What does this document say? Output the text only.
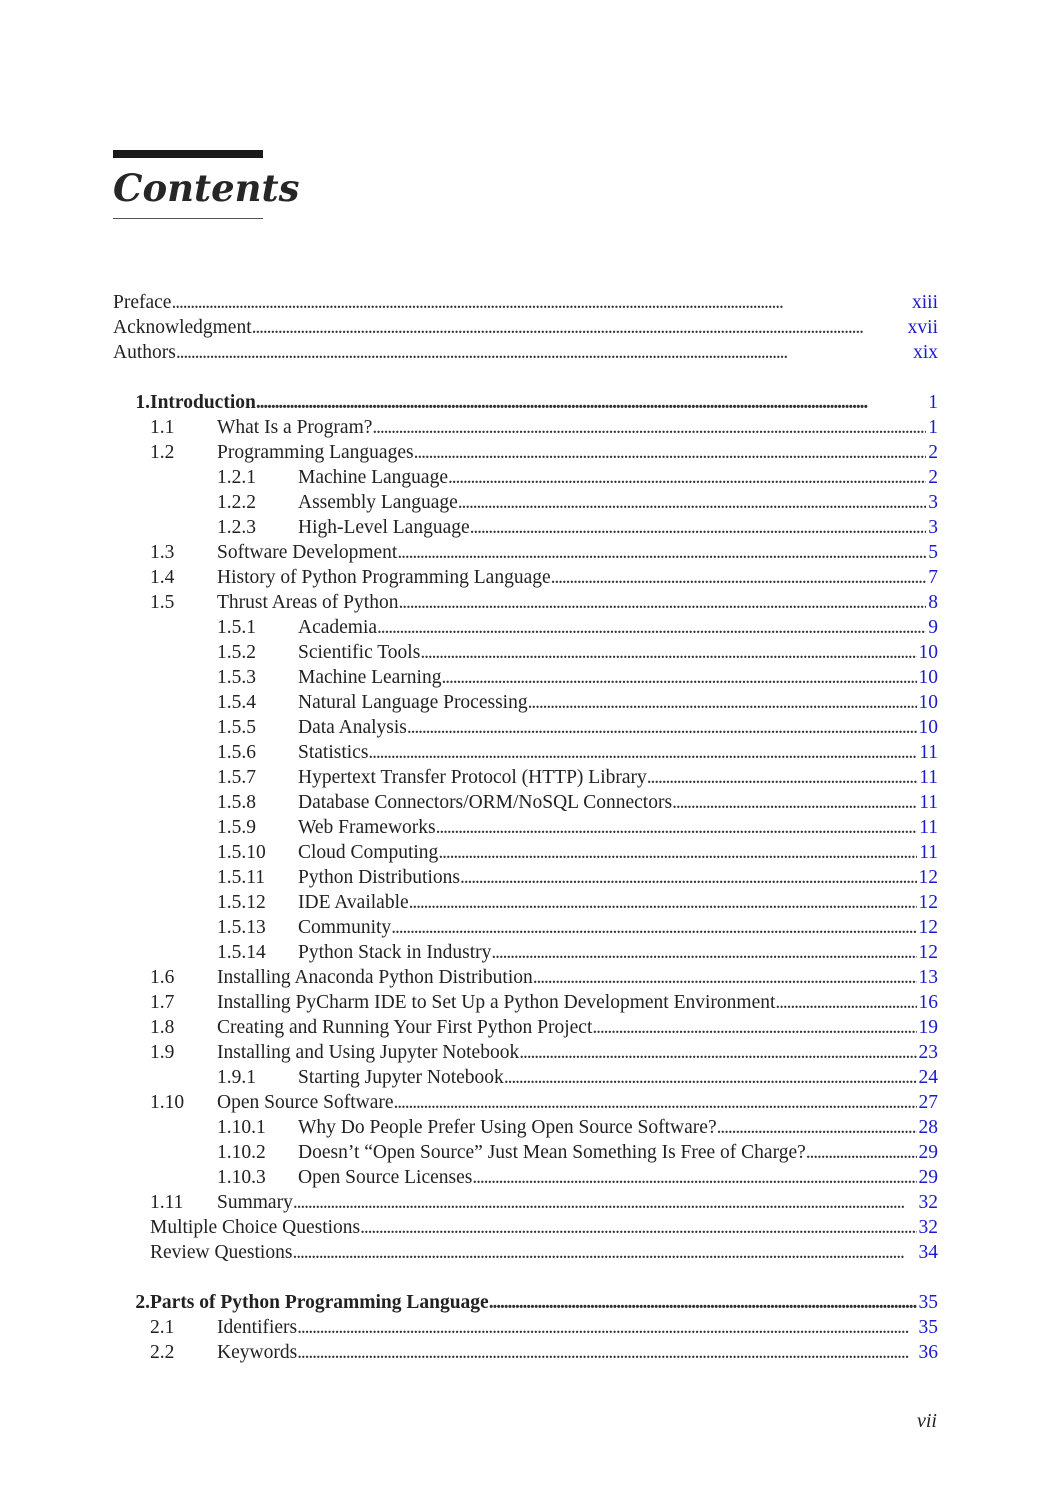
Contents
Preface . . .	xiii
Acknowledgment . . .	xvii
Authors . . .	xix
1. Introduction . . .	1
1.1	What Is a Program? . . .	1
1.2	Programming Languages . . .	2
1.2.1	Machine Language . . .	2
1.2.2	Assembly Language . . .	3
1.2.3	High-Level Language . . .	3
1.3	Software Development . . .	5
1.4	History of Python Programming Language . . .	7
1.5	Thrust Areas of Python . . .	8
1.5.1	Academia . . .	9
1.5.2	Scientific Tools . . .	10
1.5.3	Machine Learning . . .	10
1.5.4	Natural Language Processing . . .	10
1.5.5	Data Analysis . . .	10
1.5.6	Statistics . . .	11
1.5.7	Hypertext Transfer Protocol (HTTP) Library . . .	11
1.5.8	Database Connectors/ORM/NoSQL Connectors . . .	11
1.5.9	Web Frameworks . . .	11
1.5.10	Cloud Computing . . .	11
1.5.11	Python Distributions . . .	12
1.5.12	IDE Available . . .	12
1.5.13	Community . . .	12
1.5.14	Python Stack in Industry . . .	12
1.6	Installing Anaconda Python Distribution . . .	13
1.7	Installing PyCharm IDE to Set Up a Python Development Environment . . .	16
1.8	Creating and Running Your First Python Project . . .	19
1.9	Installing and Using Jupyter Notebook . . .	23
1.9.1	Starting Jupyter Notebook . . .	24
1.10	Open Source Software . . .	27
1.10.1	Why Do People Prefer Using Open Source Software? . . .	28
1.10.2	Doesn’t “Open Source” Just Mean Something Is Free of Charge? . . .	29
1.10.3	Open Source Licenses . . .	29
1.11	Summary . . .	32
Multiple Choice Questions . . .	32
Review Questions . . .	34
2. Parts of Python Programming Language . . .	35
2.1	Identifiers . . .	35
2.2	Keywords . . .	36

vii
